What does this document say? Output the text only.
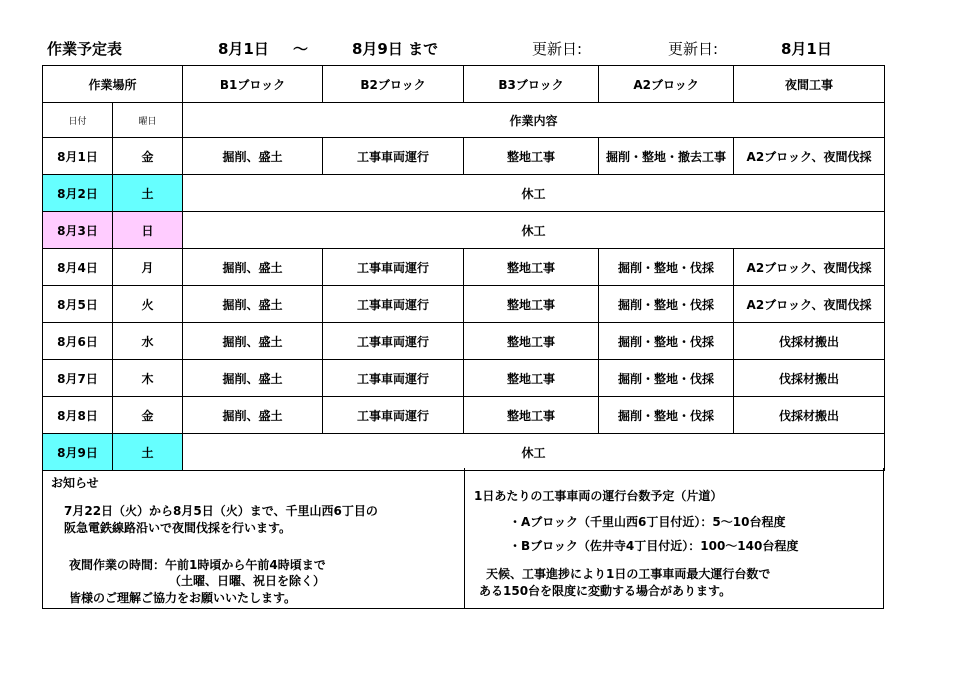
作業予定表	8月1日 ～	8月9日 まで	更新日:	更新日:	8月1日
作業場所		B1ブロック	B2ブロック	B3ブロック	A2ブロック	夜間工事
日付	曜日	作業内容				
8月1日	金	掘削、盛土	工事車両運行	整地工事	掘削・整地・撤去工事	A2ブロック、夜間伐採
8月2日	土	休工				
8月3日	日	休工				
8月4日	月	掘削、盛土	工事車両運行	整地工事	掘削・整地・伐採	A2ブロック、夜間伐採
8月5日	火	掘削、盛土	工事車両運行	整地工事	掘削・整地・伐採	A2ブロック、夜間伐採
8月6日	水	掘削、盛土	工事車両運行	整地工事	掘削・整地・伐採	伐採材搬出
8月7日	木	掘削、盛土	工事車両運行	整地工事	掘削・整地・伐採	伐採材搬出
8月8日	金	掘削、盛土	工事車両運行	整地工事	掘削・整地・伐採	伐採材搬出
8月9日	土	休工				
お知らせ
7月22日（火）から8月5日（火）まで、千里山西6丁目の
阪急電鉄線路沿いで夜間伐採を行います。
夜間作業の時間：午前1時頃から午前4時頃まで
（土曜、日曜、祝日を除く）
皆様のご理解ご協力をお願いいたします。
1日あたりの工事車両の運行台数予定（片道）
・Aブロック（千里山西6丁目付近）：5～10台程度
・Bブロック（佐井寺4丁目付近）：100～140台程度
天候、工事進捗により1日の工事車両最大運行台数で
ある150台を限度に変動する場合があります。
